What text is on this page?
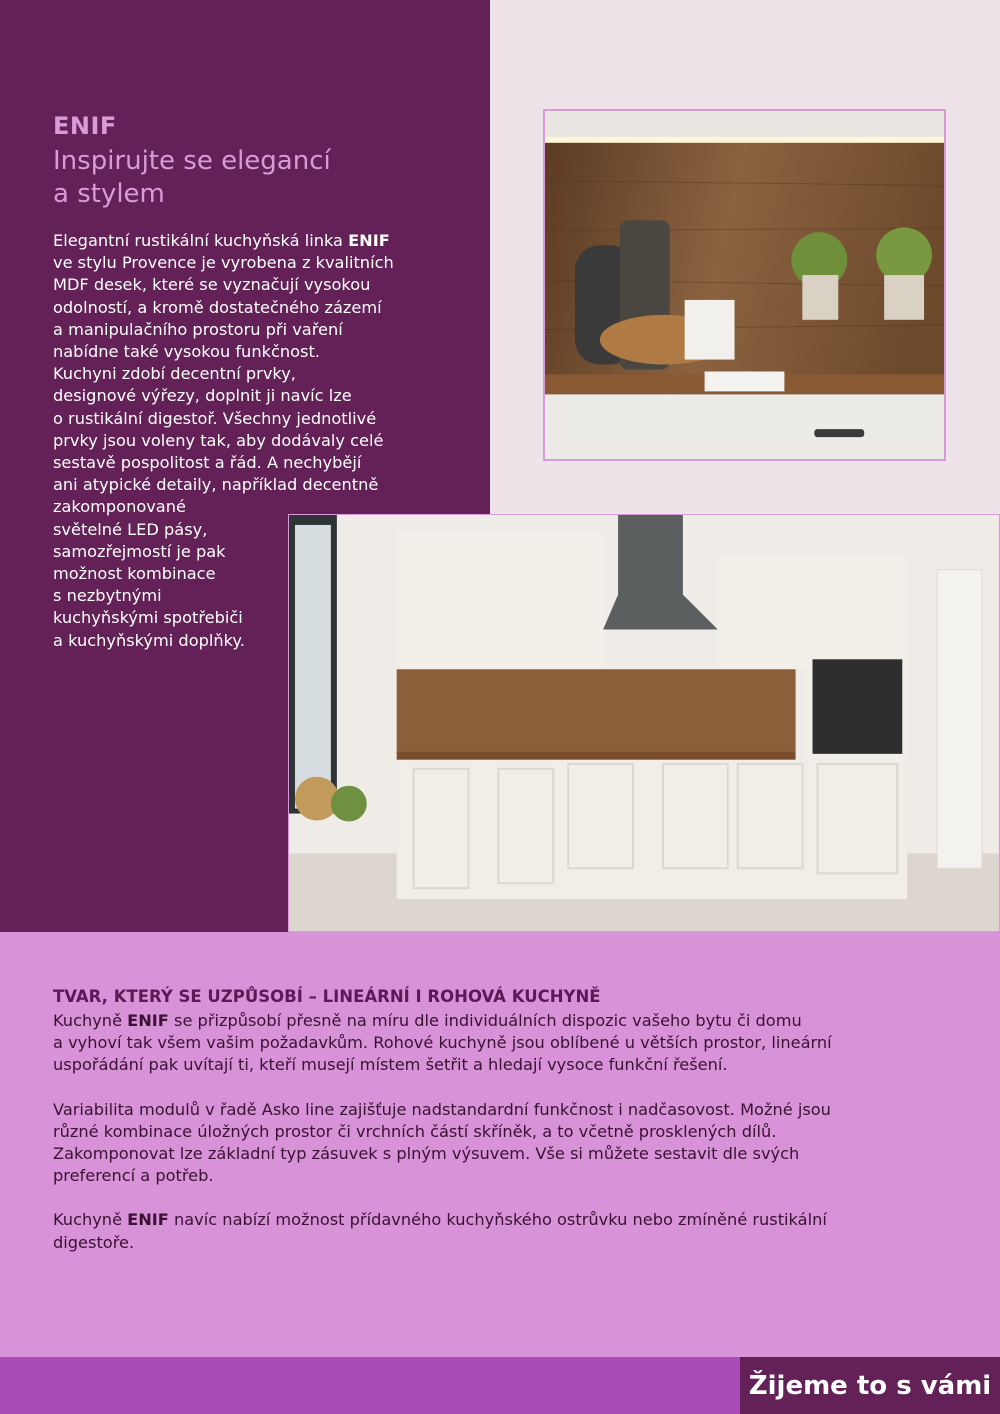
ENIF
Inspirujte se elegancí
a stylem
Elegantní rustikální kuchyňská linka ENIF
ve stylu Provence je vyrobena z kvalitních
MDF desek, které se vyznačují vysokou
odolností, a kromě dostatečného zázemí
a manipulačního prostoru při vaření
nabídne také vysokou funkčnost.
Kuchyni zdobí decentní prvky,
designové výřezy, doplnit ji navíc lze
o rustikální digestoř. Všechny jednotlivé
prvky jsou voleny tak, aby dodávaly celé
sestavě pospolitost a řád. A nechybějí
ani atypické detaily, například decentně
zakomponované
světelné LED pásy,
samozřejmostí je pak
možnost kombinace
s nezbytnými
kuchyňskými spotřebiči
a kuchyňskými doplňky.
TVAR, KTERÝ SE UZPŮSOBÍ – LINEÁRNÍ I ROHOVÁ KUCHYNĚ

Kuchyně ENIF se přizpůsobí přesně na míru dle individuálních dispozic vašeho bytu či domu
a vyhoví tak všem vašim požadavkům. Rohové kuchyně jsou oblíbené u větších prostor, lineární
uspořádání pak uvítají ti, kteří musejí místem šetřit a hledají vysoce funkční řešení.

Variabilita modulů v řadě Asko line zajišťuje nadstandardní funkčnost i nadčasovost. Možné jsou
různé kombinace úložných prostor či vrchních částí skříněk, a to včetně prosklených dílů.
Zakomponovat lze základní typ zásuvek s plným výsuvem. Vše si můžete sestavit dle svých
preferencí a potřeb.

Kuchyně ENIF navíc nabízí možnost přídavného kuchyňského ostrůvku nebo zmíněné rustikální
digestoře.

Žijeme to s vámi
